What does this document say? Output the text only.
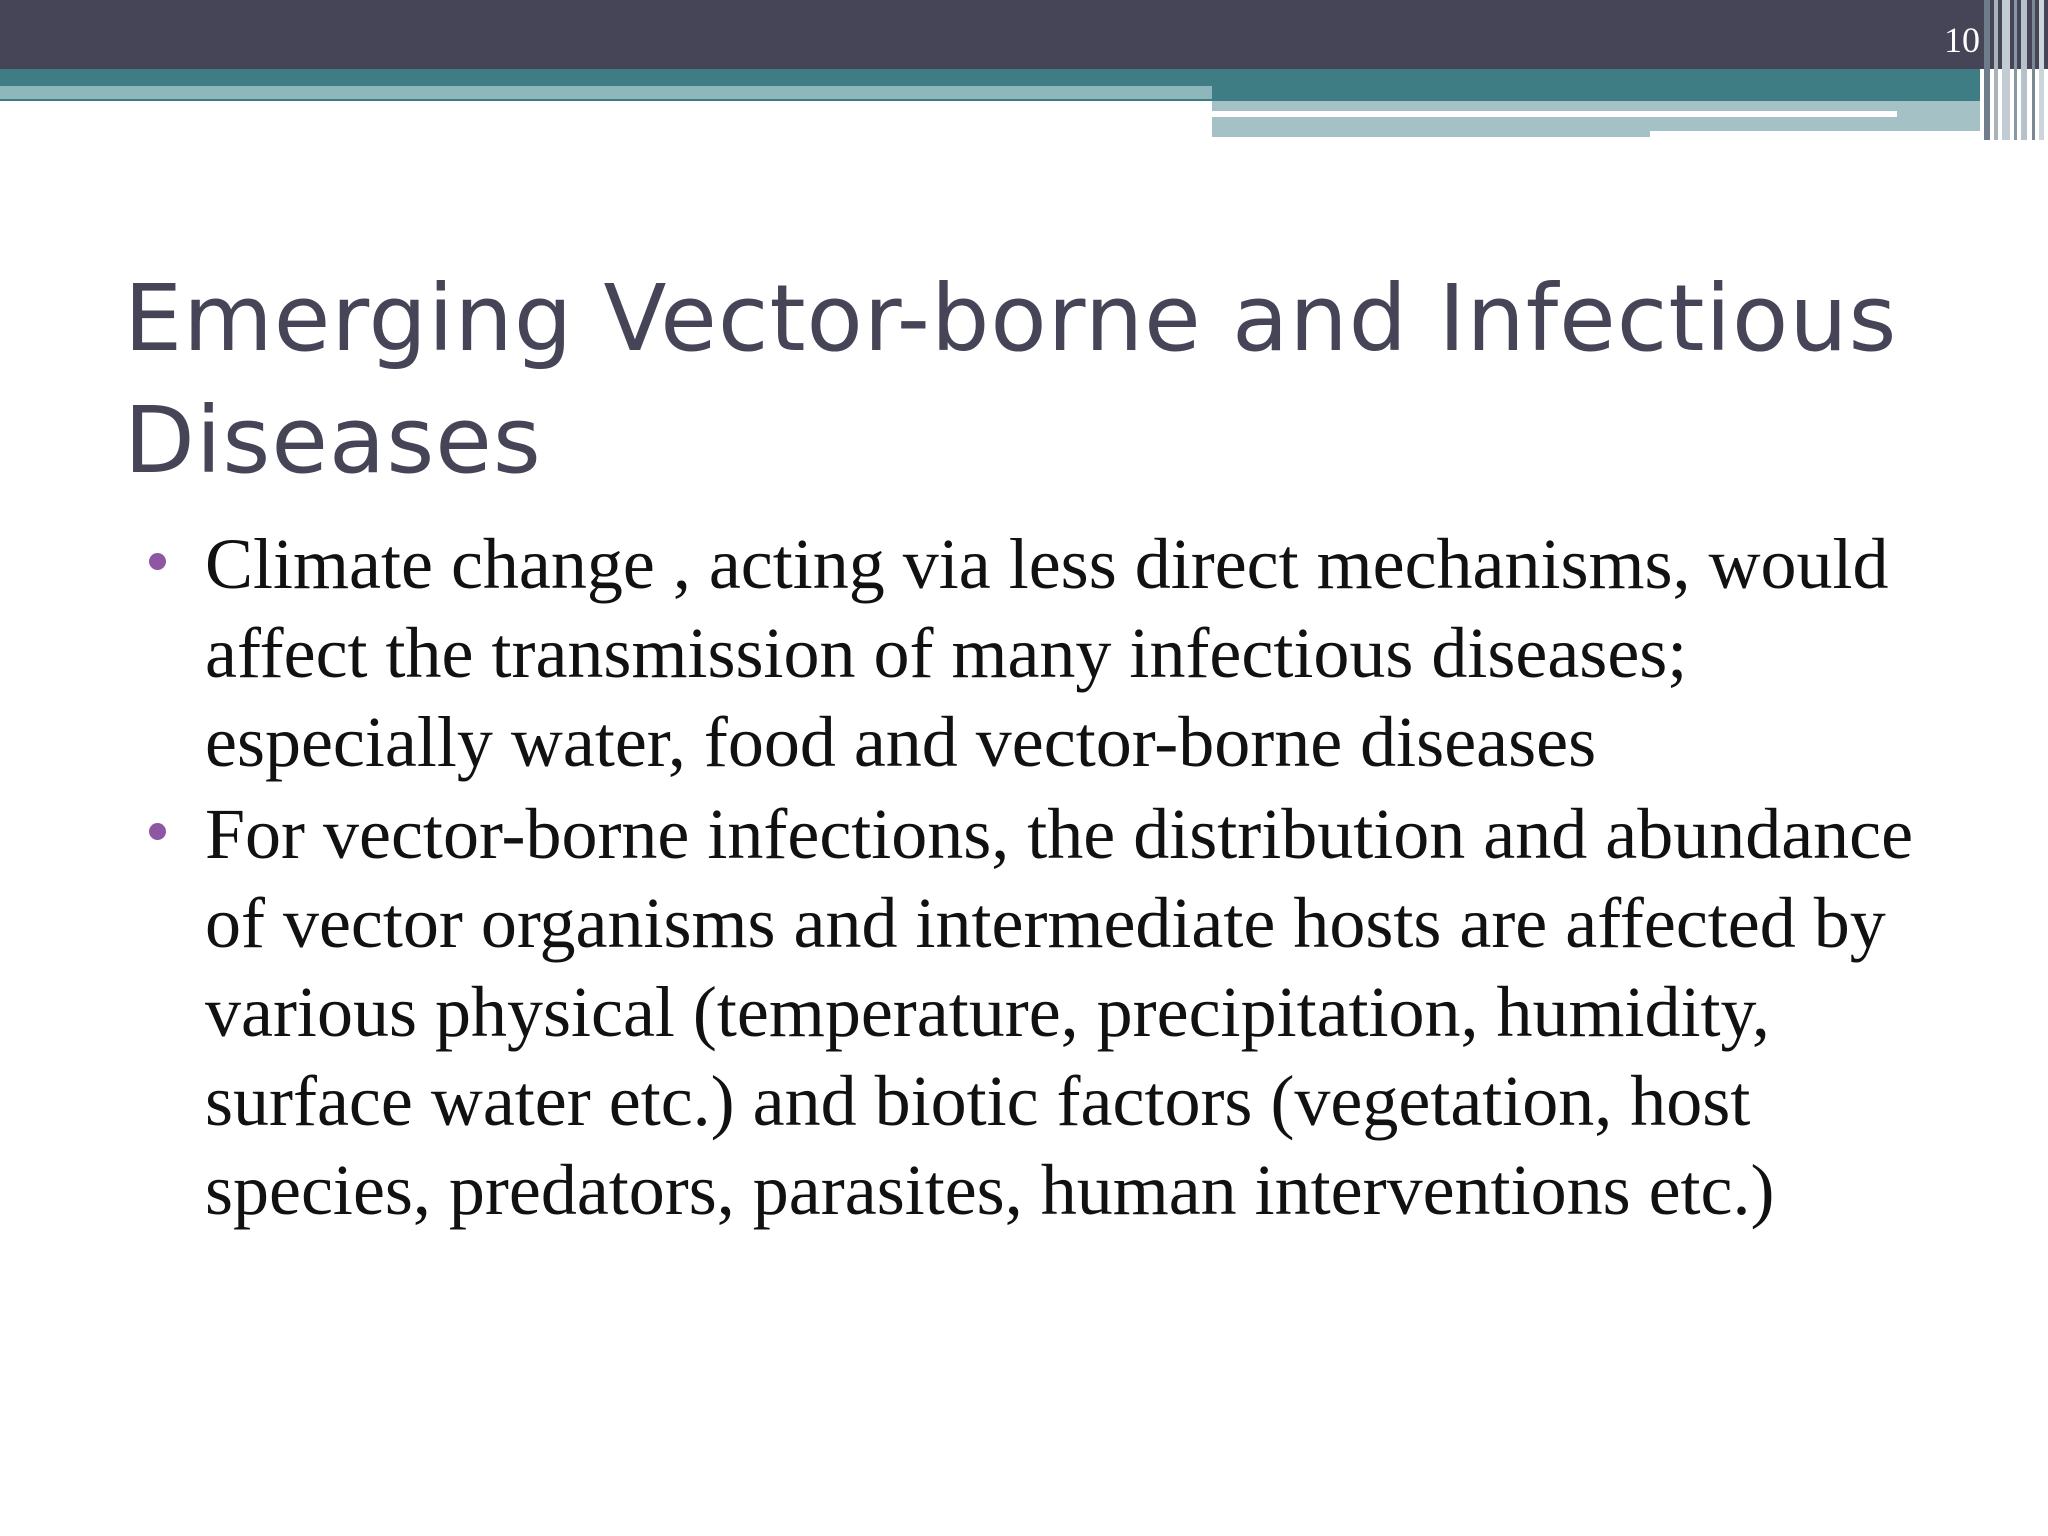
10
Emerging Vector-borne and Infectious Diseases
Climate change , acting via less direct mechanisms, would affect the transmission of many infectious diseases; especially water, food and vector-borne diseases
For vector-borne infections, the distribution and abundance of vector organisms and intermediate hosts are affected by various physical (temperature, precipitation, humidity, surface water etc.) and biotic factors (vegetation, host species, predators, parasites, human interventions etc.)
